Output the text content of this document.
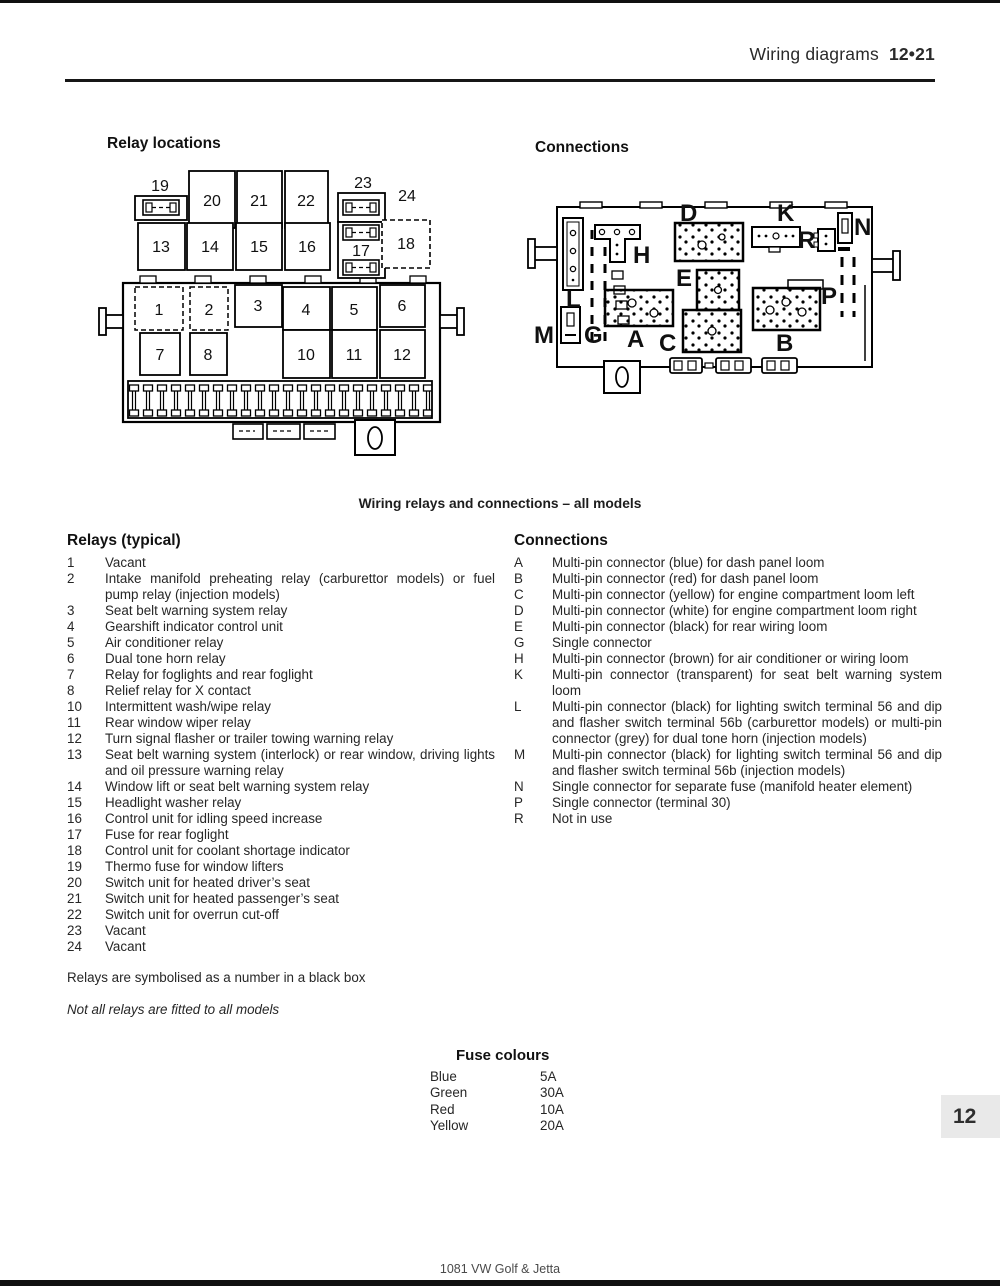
Wiring diagrams 12•21
Relay locations	Connections
19
20 21 22
23
24
13 14 15 16 17 18
1	2	3 4 5 6
7 8	10 11 12
L
M G A
H
D
E
C
K
R N
P
B
Wiring relays and connections – all models
Relays (typical)
1	Vacant
2	Intake manifold preheating relay (carburettor models) or fuel pump relay (injection models)
3	Seat belt warning system relay
4	Gearshift indicator control unit
5	Air conditioner relay
6	Dual tone horn relay
7	Relay for foglights and rear foglight
8	Relief relay for X contact
10	Intermittent wash/wipe relay
11	Rear window wiper relay
12	Turn signal flasher or trailer towing warning relay
13	Seat belt warning system (interlock) or rear window, driving lights and oil pressure warning relay
14	Window lift or seat belt warning system relay
15	Headlight washer relay
16	Control unit for idling speed increase
17	Fuse for rear foglight
18	Control unit for coolant shortage indicator
19	Thermo fuse for window lifters
20	Switch unit for heated driver’s seat
21	Switch unit for heated passenger’s seat
22	Switch unit for overrun cut-off
23	Vacant
24	Vacant
Connections
A	Multi-pin connector (blue) for dash panel loom
B	Multi-pin connector (red) for dash panel loom
C	Multi-pin connector (yellow) for engine compartment loom left
D	Multi-pin connector (white) for engine compartment loom right
E	Multi-pin connector (black) for rear wiring loom
G	Single connector
H	Multi-pin connector (brown) for air conditioner or wiring loom
K	Multi-pin connector (transparent) for seat belt warning system loom
L	Multi-pin connector (black) for lighting switch terminal 56 and dip and flasher switch terminal 56b (carburettor models) or multi-pin connector (grey) for dual tone horn (injection models)
M	Multi-pin connector (black) for lighting switch terminal 56 and dip and flasher switch terminal 56b (injection models)
N	Single connector for separate fuse (manifold heater element)
P	Single connector (terminal 30)
R	Not in use
Relays are symbolised as a number in a black box
Not all relays are fitted to all models
Fuse colours
Blue	5A
Green	30A
Red	10A
Yellow	20A	12
1081 VW Golf & Jetta
